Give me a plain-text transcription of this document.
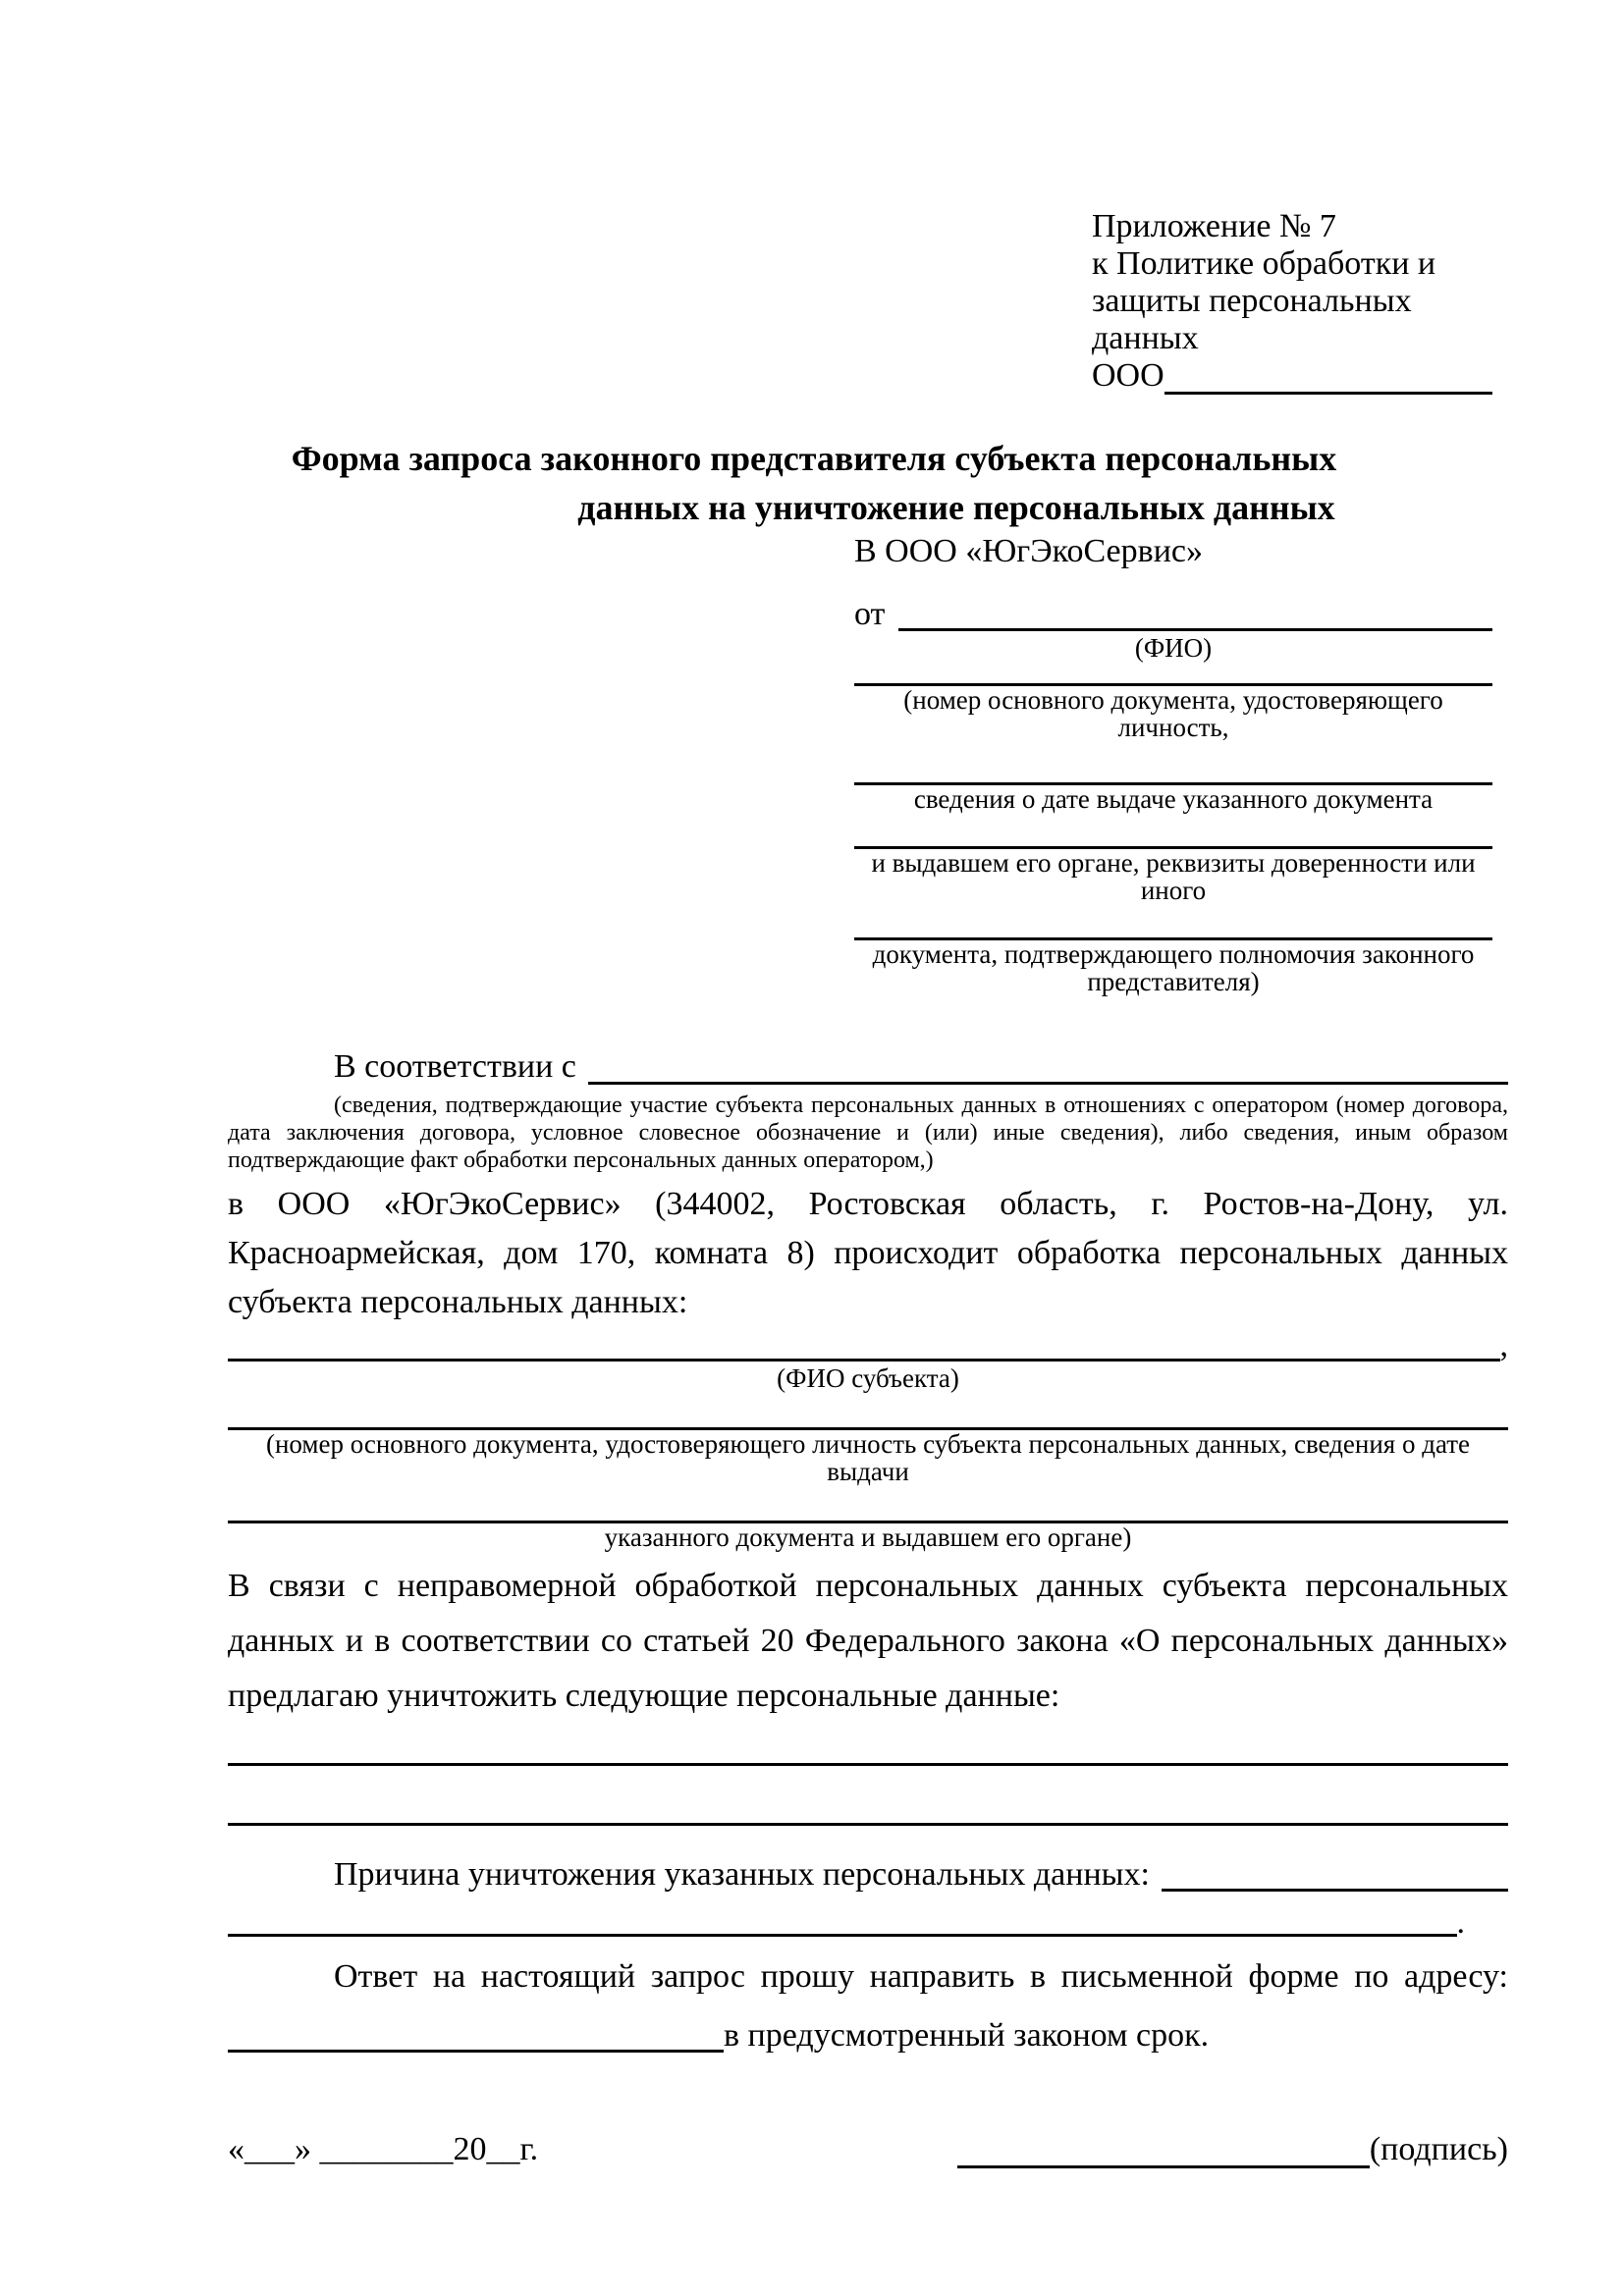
Приложение № 7
к Политике обработки и
защиты персональных данных
ООО
Форма запроса законного представителя субъекта персональных
данных на уничтожение персональных данных
В ООО «ЮгЭкоСервис»
от
(ФИО)
(номер основного документа, удостоверяющего личность,
сведения о дате выдаче указанного документа
и выдавшем его органе, реквизиты доверенности или иного
документа, подтверждающего полномочия законного представителя)
В соответствии с
(сведения, подтверждающие участие субъекта персональных данных в отношениях с оператором (номер договора, дата заключения договора, условное словесное обозначение и (или) иные сведения), либо сведения, иным образом подтверждающие факт обработки персональных данных оператором,)
в ООО «ЮгЭкоСервис» (344002, Ростовская область, г. Ростов-на-Дону, ул. Красноармейская, дом 170, комната 8) происходит обработка персональных данных субъекта персональных данных:
,
(ФИО субъекта)
(номер основного документа, удостоверяющего личность субъекта персональных данных, сведения о дате выдачи
указанного документа и выдавшем его органе)
В связи с неправомерной обработкой персональных данных субъекта персональных данных и в соответствии со статьей 20 Федерального закона «О персональных данных» предлагаю уничтожить следующие персональные данные:
Причина уничтожения указанных персональных данных:
.
Ответ на настоящий запрос прошу направить в письменной форме по адресу:
в предусмотренный законом срок.
«___» ________20__г.	(подпись)
